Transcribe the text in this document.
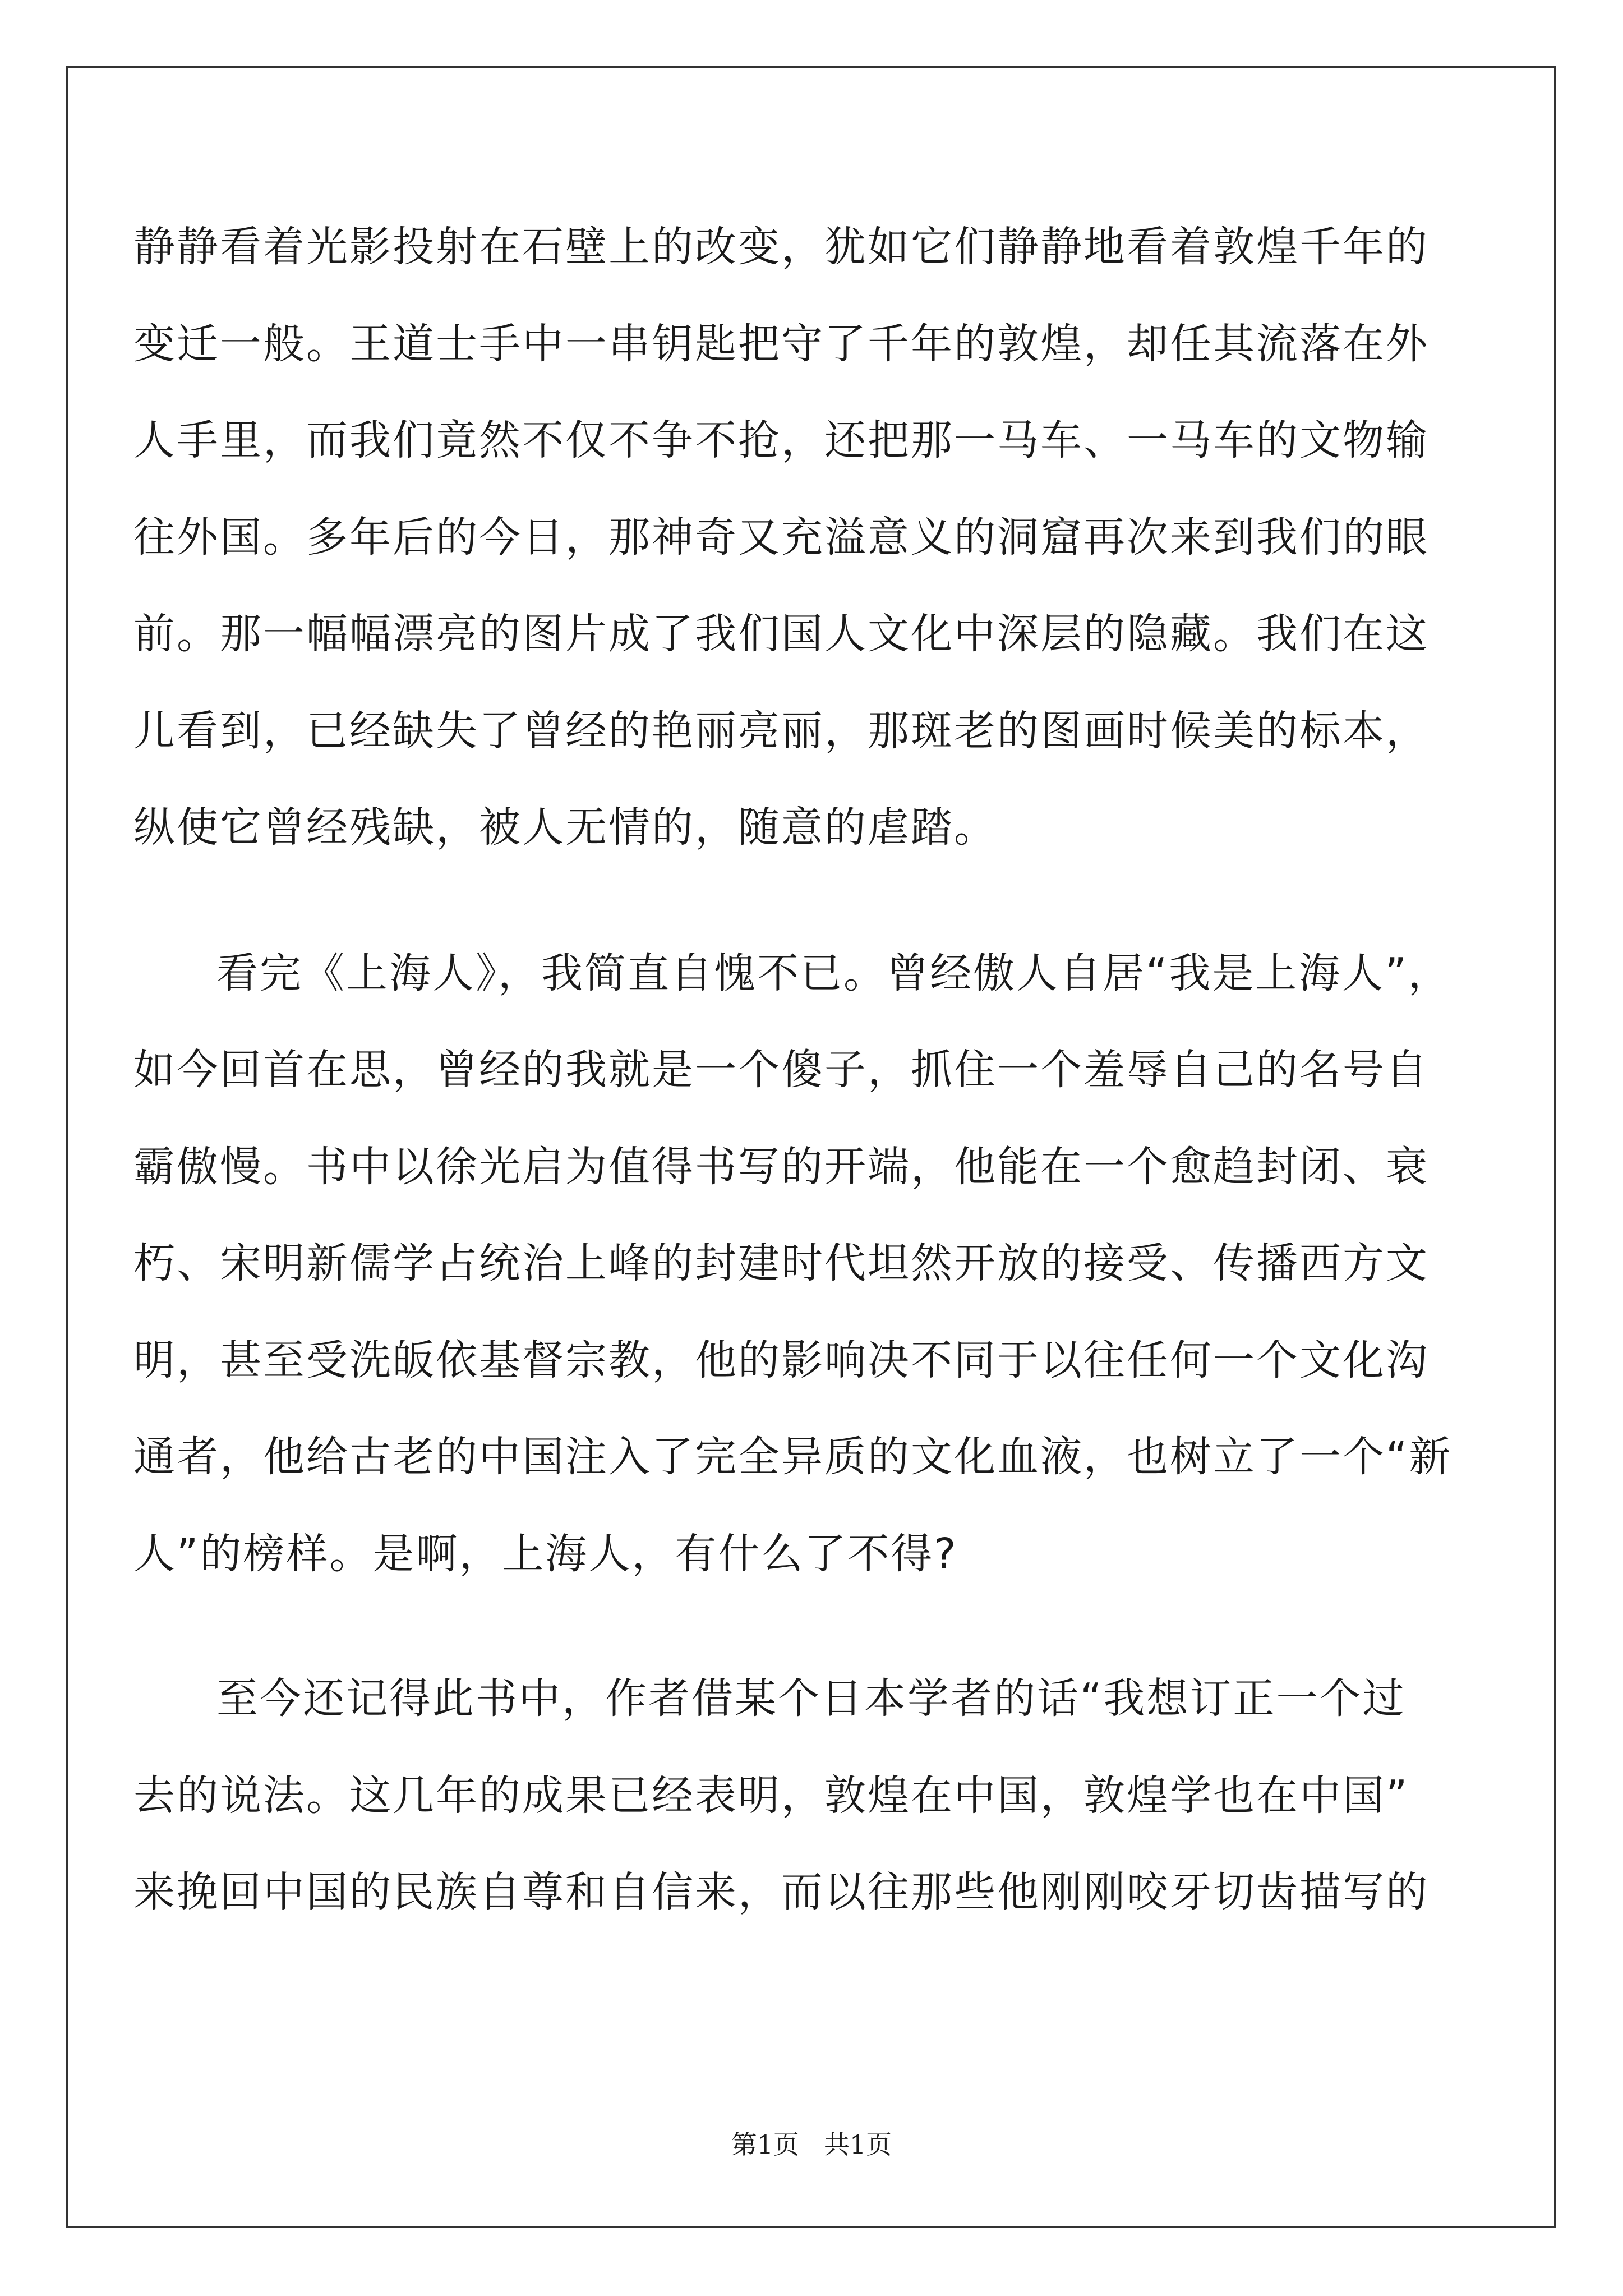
静静看着光影投射在石壁上的改变，犹如它们静静地看着敦煌千年的
变迁一般。王道士手中一串钥匙把守了千年的敦煌，却任其流落在外
人手里，而我们竟然不仅不争不抢，还把那一马车、一马车的文物输
往外国。多年后的今日，那神奇又充溢意义的洞窟再次来到我们的眼
前。那一幅幅漂亮的图片成了我们国人文化中深层的隐藏。我们在这
儿看到，已经缺失了曾经的艳丽亮丽，那斑老的图画时候美的标本，
纵使它曾经残缺，被人无情的，随意的虐踏。
看完《上海人》，我简直自愧不已。曾经傲人自居“我是上海人”，
如今回首在思，曾经的我就是一个傻子，抓住一个羞辱自己的名号自
霸傲慢。书中以徐光启为值得书写的开端，他能在一个愈趋封闭、衰
朽、宋明新儒学占统治上峰的封建时代坦然开放的接受、传播西方文
明，甚至受洗皈依基督宗教，他的影响决不同于以往任何一个文化沟
通者，他给古老的中国注入了完全异质的文化血液，也树立了一个“新
人”的榜样。是啊，上海人，有什么了不得?
至今还记得此书中，作者借某个日本学者的话“我想订正一个过
去的说法。这几年的成果已经表明，敦煌在中国，敦煌学也在中国”
来挽回中国的民族自尊和自信来，而以往那些他刚刚咬牙切齿描写的
第1页 共1页
